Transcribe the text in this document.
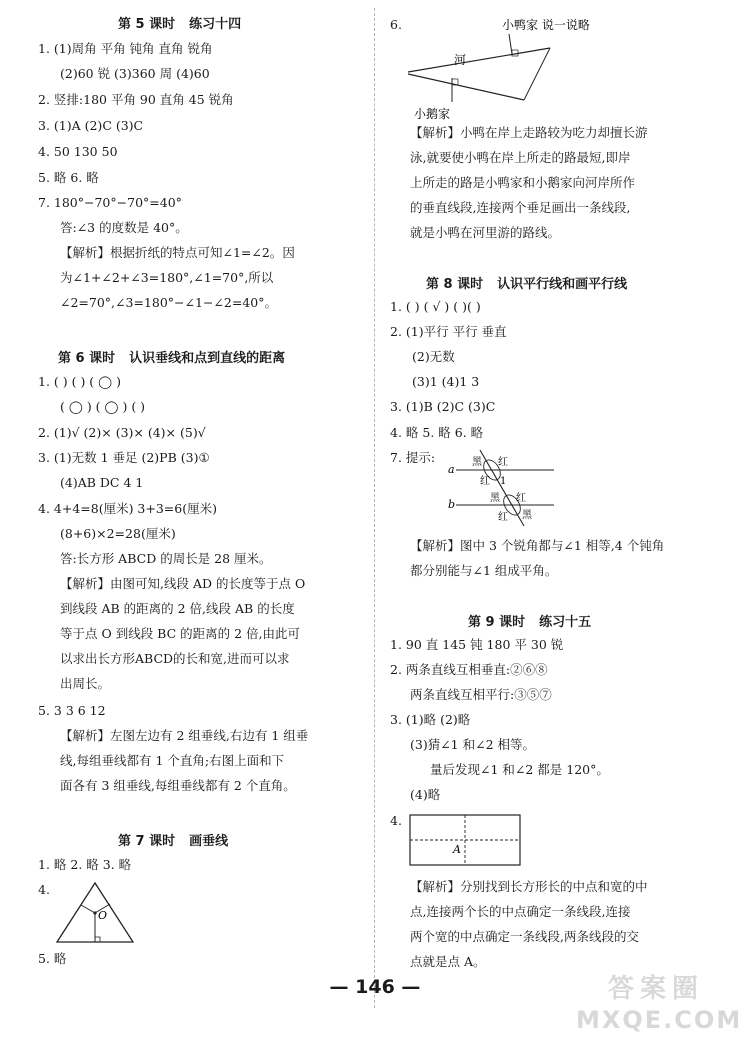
第 5 课时 练习十四
1. (1)周角 平角 钝角 直角 锐角
(2)60 锐 (3)360 周 (4)60
2. 竖排:180 平角 90 直角 45 锐角
3. (1)A (2)C (3)C
4. 50 130 50
5. 略 6. 略
7. 180°−70°−70°=40°
答:∠3 的度数是 40°。
【解析】根据折纸的特点可知∠1=∠2。因
为∠1+∠2+∠3=180°,∠1=70°,所以
∠2=70°,∠3=180°−∠1−∠2=40°。
第 6 课时 认识垂线和点到直线的距离
1. ( ) ( ) ( ◯ )
( ◯ ) ( ◯ ) ( )
2. (1)√ (2)× (3)× (4)× (5)√
3. (1)无数 1 垂足 (2)PB (3)①
(4)AB DC 4 1
4. 4+4=8(厘米) 3+3=6(厘米)
(8+6)×2=28(厘米)
答:长方形 ABCD 的周长是 28 厘米。
【解析】由图可知,线段 AD 的长度等于点 O
到线段 AB 的距离的 2 倍,线段 AB 的长度
等于点 O 到线段 BC 的距离的 2 倍,由此可
以求出长方形ABCD的长和宽,进而可以求
出周长。
5. 3 3 6 12
【解析】左图左边有 2 组垂线,右边有 1 组垂
线,每组垂线都有 1 个直角;右图上面和下
面各有 3 组垂线,每组垂线都有 2 个直角。
第 7 课时 画垂线
1. 略 2. 略 3. 略
4.
O
5. 略
6.	小鸭家 说一说略
河
小鹅家
【解析】小鸭在岸上走路较为吃力却擅长游
泳,就要使小鸭在岸上所走的路最短,即岸
上所走的路是小鸭家和小鹅家向河岸所作
的垂直线段,连接两个垂足画出一条线段,
就是小鸭在河里游的路线。
第 8 课时 认识平行线和画平行线
1. ( ) ( √ ) ( )( )
2. (1)平行 平行 垂直
(2)无数
(3)1 (4)1 3
3. (1)B (2)C (3)C
4. 略 5. 略 6. 略
7. 提示:
a
b
黑 红
红 1
黑 红
红 黑
【解析】图中 3 个锐角都与∠1 相等,4 个钝角
都分别能与∠1 组成平角。
第 9 课时 练习十五
1. 90 直 145 钝 180 平 30 锐
2. 两条直线互相垂直:②⑥⑧
两条直线互相平行:③⑤⑦
3. (1)略 (2)略
(3)猜∠1 和∠2 相等。
量后发现∠1 和∠2 都是 120°。
(4)略
4.
A
【解析】分别找到长方形长的中点和宽的中
点,连接两个长的中点确定一条线段,连接
两个宽的中点确定一条线段,两条线段的交
点就是点 A。
— 146 —	答案圈
MXQE.COM
